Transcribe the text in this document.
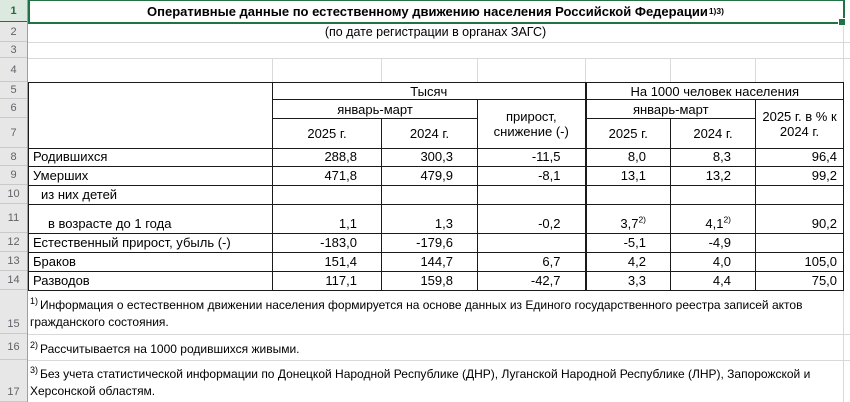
1
2
3
4
5
6
7
8
9
10
11
12
13
14
15
16
17
Оперативные данные по естественному движению населения Российской Федерации 1)3)
(по дате регистрации в органах ЗАГС)
	Тысяч			На 1000 человек населения		
январь-март	прирост,
снижение (-)
	январь-март	2025 г. в % к
2024 г.

	2025 г.	2024 г.		2025 г.	2024 г.	
Родившихся	288,8	300,3	-11,5	8,0	8,3	96,4
Умерших	471,8	479,9	-8,1	13,1	13,2	99,2
из них детей						
в возрасте до 1 года	1,1	1,3	-0,2	3,7$^{2)}$	4,1$^{2)}$	90,2
Естественный прирост, убыль (-)	-183,0	-179,6		-5,1	-4,9	
Браков	151,4	144,7	6,7	4,2	4,0	105,0
Разводов	117,1	159,8	-42,7	3,3	4,4	75,0
$^{1)}$ Информация о естественном движении населения формируется на основе данных из Единого государственного реестра записей актов гражданского состояния.
$^{2)}$ Рассчитывается на 1000 родившихся живыми.
$^{3)}$ Без учета статистической информации по Донецкой Народной Республике (ДНР), Луганской Народной Республике (ЛНР), Запорожской и Херсонской областям.
